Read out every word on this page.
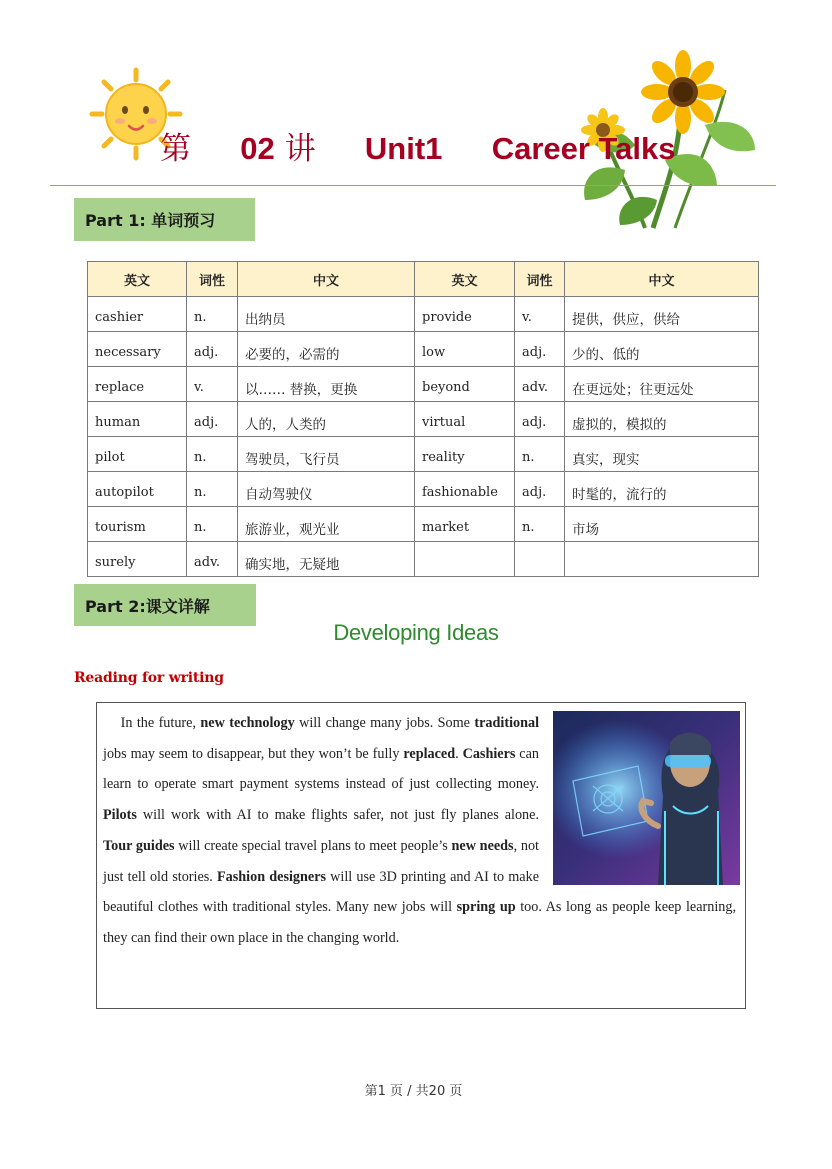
第 02 讲 Unit1 Career Talks
Part 1: 单词预习
英文	词性	中文	英文	词性	中文
cashier	n.	出纳员	provide	v.	提供，供应，供给
necessary	adj.	必要的，必需的	low	adj.	少的、低的
replace	v.	以…… 替换，更换	beyond	adv.	在更远处；往更远处
human	adj.	人的，人类的	virtual	adj.	虚拟的，模拟的
pilot	n.	驾驶员，飞行员	reality	n.	真实，现实
autopilot	n.	自动驾驶仪	fashionable	adj.	时髦的，流行的
tourism	n.	旅游业，观光业	market	n.	市场
surely	adv.	确实地，无疑地			
Part 2:课文详解
Developing Ideas
Reading for writing
In the future, new technology will change many jobs. Some traditional jobs may seem to disappear, but they won’t be fully replaced. Cashiers can learn to operate smart payment systems instead of just collecting money. Pilots will work with AI to make flights safer, not just fly planes alone. Tour guides will create special travel plans to meet people’s new needs, not just tell old stories. Fashion designers will use 3D printing and AI to make beautiful clothes with traditional styles. Many new jobs will spring up too. As long as people keep learning, they can find their own place in the changing world.
第1 页 / 共20 页
